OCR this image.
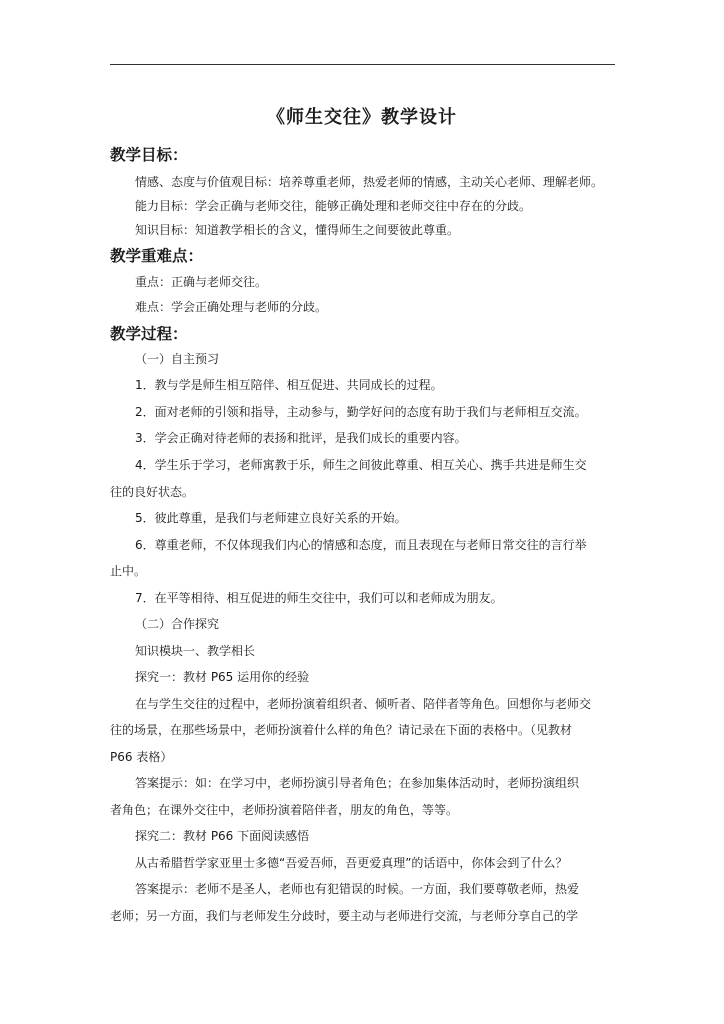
《师生交往》教学设计
教学目标：
情感、态度与价值观目标：培养尊重老师，热爱老师的情感，主动关心老师、理解老师。
能力目标：学会正确与老师交往，能够正确处理和老师交往中存在的分歧。
知识目标：知道教学相长的含义，懂得师生之间要彼此尊重。
教学重难点：
重点：正确与老师交往。
难点：学会正确处理与老师的分歧。
教学过程：
（一）自主预习
1．教与学是师生相互陪伴、相互促进、共同成长的过程。
2．面对老师的引领和指导，主动参与，勤学好问的态度有助于我们与老师相互交流。
3．学会正确对待老师的表扬和批评，是我们成长的重要内容。
4．学生乐于学习，老师寓教于乐，师生之间彼此尊重、相互关心、携手共进是师生交
往的良好状态。
5．彼此尊重，是我们与老师建立良好关系的开始。
6．尊重老师，不仅体现我们内心的情感和态度，而且表现在与老师日常交往的言行举
止中。
7．在平等相待、相互促进的师生交往中，我们可以和老师成为朋友。
（二）合作探究
知识模块一、教学相长
探究一：教材 P65 运用你的经验
在与学生交往的过程中，老师扮演着组织者、倾听者、陪伴者等角色。回想你与老师交
往的场景，在那些场景中，老师扮演着什么样的角色？请记录在下面的表格中。（见教材
P66 表格）
答案提示：如：在学习中，老师扮演引导者角色；在参加集体活动时，老师扮演组织
者角色；在课外交往中，老师扮演着陪伴者，朋友的角色，等等。
探究二：教材 P66 下面阅读感悟
从古希腊哲学家亚里士多德“吾爱吾师，吾更爱真理”的话语中，你体会到了什么？
答案提示：老师不是圣人，老师也有犯错误的时候。一方面，我们要尊敬老师，热爱
老师；另一方面，我们与老师发生分歧时，要主动与老师进行交流，与老师分享自己的学
